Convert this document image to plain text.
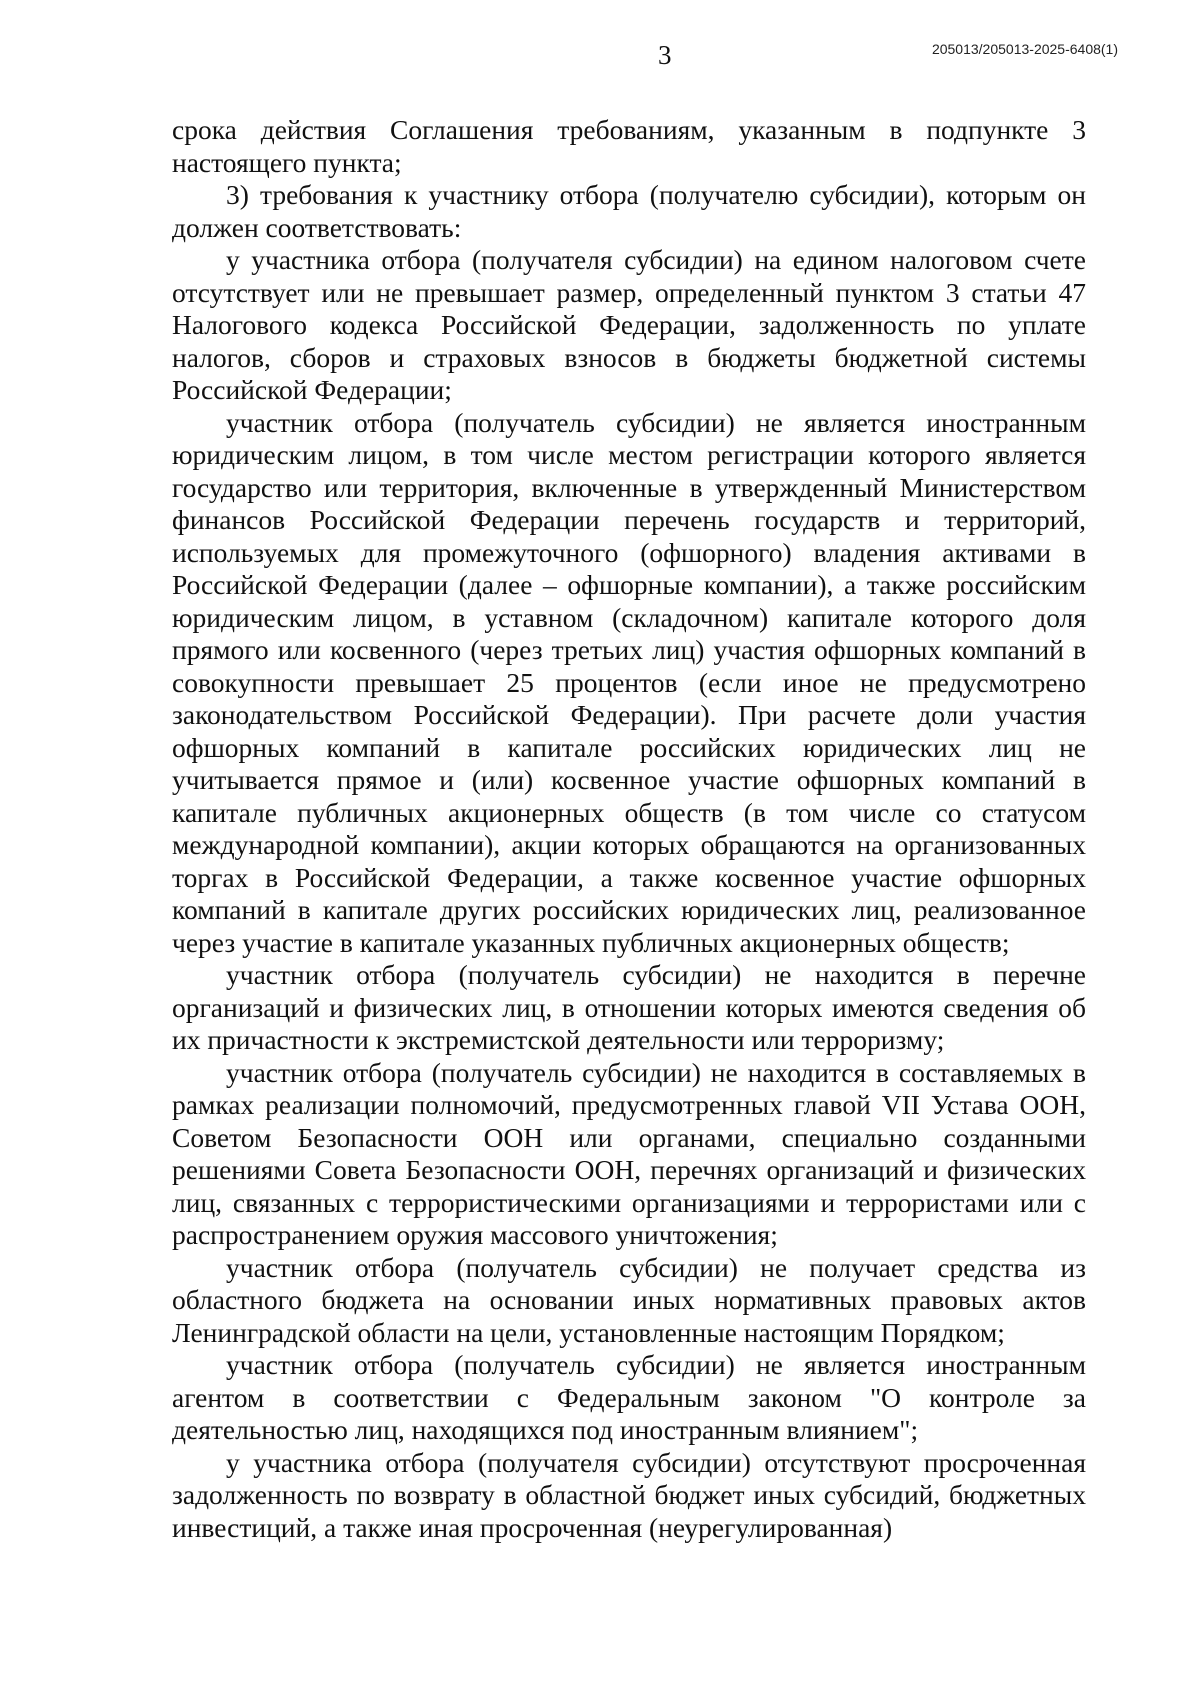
3	205013/205013-2025-6408(1)

срока действия Соглашения требованиям, указанным в подпункте 3 настоящего пункта;

3) требования к участнику отбора (получателю субсидии), которым он должен соответствовать:

у участника отбора (получателя субсидии) на едином налоговом счете отсутствует или не превышает размер, определенный пунктом 3 статьи 47 Налогового кодекса Российской Федерации, задолженность по уплате налогов, сборов и страховых взносов в бюджеты бюджетной системы Российской Федерации;

участник отбора (получатель субсидии) не является иностранным юридическим лицом, в том числе местом регистрации которого является государство или территория, включенные в утвержденный Министерством финансов Российской Федерации перечень государств и территорий, используемых для промежуточного (офшорного) владения активами в Российской Федерации (далее – офшорные компании), а также российским юридическим лицом, в уставном (складочном) капитале которого доля прямого или косвенного (через третьих лиц) участия офшорных компаний в совокупности превышает 25 процентов (если иное не предусмотрено законодательством Российской Федерации). При расчете доли участия офшорных компаний в капитале российских юридических лиц не учитывается прямое и (или) косвенное участие офшорных компаний в капитале публичных акционерных обществ (в том числе со статусом международной компании), акции которых обращаются на организованных торгах в Российской Федерации, а также косвенное участие офшорных компаний в капитале других российских юридических лиц, реализованное через участие в капитале указанных публичных акционерных обществ;

участник отбора (получатель субсидии) не находится в перечне организаций и физических лиц, в отношении которых имеются сведения об их причастности к экстремистской деятельности или терроризму;

участник отбора (получатель субсидии) не находится в составляемых в рамках реализации полномочий, предусмотренных главой VII Устава ООН, Советом Безопасности ООН или органами, специально созданными решениями Совета Безопасности ООН, перечнях организаций и физических лиц, связанных с террористическими организациями и террористами или с распространением оружия массового уничтожения;

участник отбора (получатель субсидии) не получает средства из областного бюджета на основании иных нормативных правовых актов Ленинградской области на цели, установленные настоящим Порядком;

участник отбора (получатель субсидии) не является иностранным агентом в соответствии с Федеральным законом "О контроле за деятельностью лиц, находящихся под иностранным влиянием";

у участника отбора (получателя субсидии) отсутствуют просроченная задолженность по возврату в областной бюджет иных субсидий, бюджетных инвестиций, а также иная просроченная (неурегулированная)
